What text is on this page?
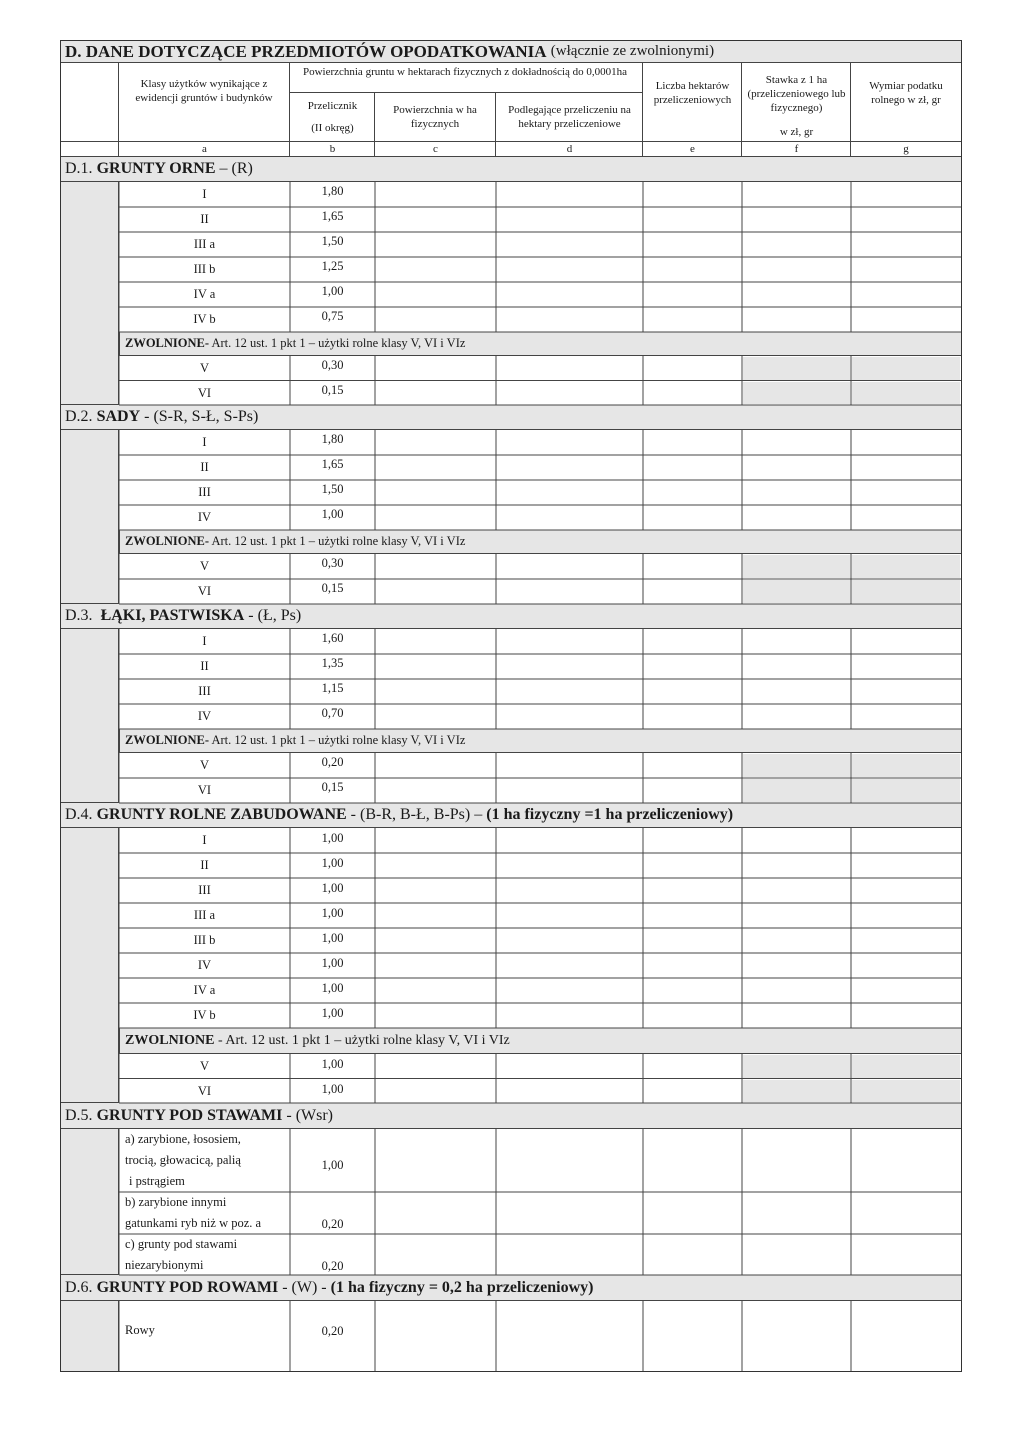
D. DANE DOTYCZĄCE PRZEDMIOTÓW OPODATKOWANIA
(włącznie ze zwolnionymi)
Klasy użytków wynikające z ewidencji gruntów i budynków
Powierzchnia gruntu w hektarach fizycznych z dokładnością do 0,0001ha
Przelicznik
(II okręg)
Powierzchnia w ha fizycznych
Podlegające przeliczeniu na hektary przeliczeniowe
Liczba hektarów przeliczeniowych
Stawka z 1 ha (przeliczeniowego lub fizycznego)
w zł, gr
Wymiar podatku rolnego w zł, gr
a	b	c	d	e	f	g
D.1.
GRUNTY ORNE
– (R)
I	1,80
II	1,65
III a	1,50
III b	1,25
IV a	1,00
IV b	0,75
ZWOLNIONE- Art. 12 ust. 1 pkt 1 – użytki rolne klasy V, VI i VIz
V	0,30
VI	0,15
D.2.
SADY
- (S-R, S-Ł, S-Ps)
I	1,80
II	1,65
III	1,50
IV	1,00
ZWOLNIONE- Art. 12 ust. 1 pkt 1 – użytki rolne klasy V, VI i VIz
V	0,30
VI	0,15
D.3.
ŁĄKI, PASTWISKA
- (Ł, Ps)
I	1,60
II	1,35
III	1,15
IV	0,70
ZWOLNIONE- Art. 12 ust. 1 pkt 1 – użytki rolne klasy V, VI i VIz
V	0,20
VI	0,15
D.4.
GRUNTY ROLNE ZABUDOWANE
- (B-R, B-Ł, B-Ps) –
(1 ha fizyczny =1 ha przeliczeniowy)
I	1,00
II	1,00
III	1,00
III a	1,00
III b	1,00
IV	1,00
IV a	1,00
IV b	1,00
ZWOLNIONE - Art. 12 ust. 1 pkt 1 – użytki rolne klasy V, VI i VIz
V	1,00
VI	1,00
D.5.
GRUNTY POD STAWAMI
- (Wsr)
a) zarybione, łososiem,
trocią, głowacicą, palią
i pstrągiem
1,00
b) zarybione innymi
gatunkami ryb niż w poz. a	0,20
c) grunty pod stawami
niezarybionymi	0,20
D.6.
GRUNTY POD ROWAMI
- (W) -
(1 ha fizyczny = 0,2 ha przeliczeniowy)
Rowy	0,20
